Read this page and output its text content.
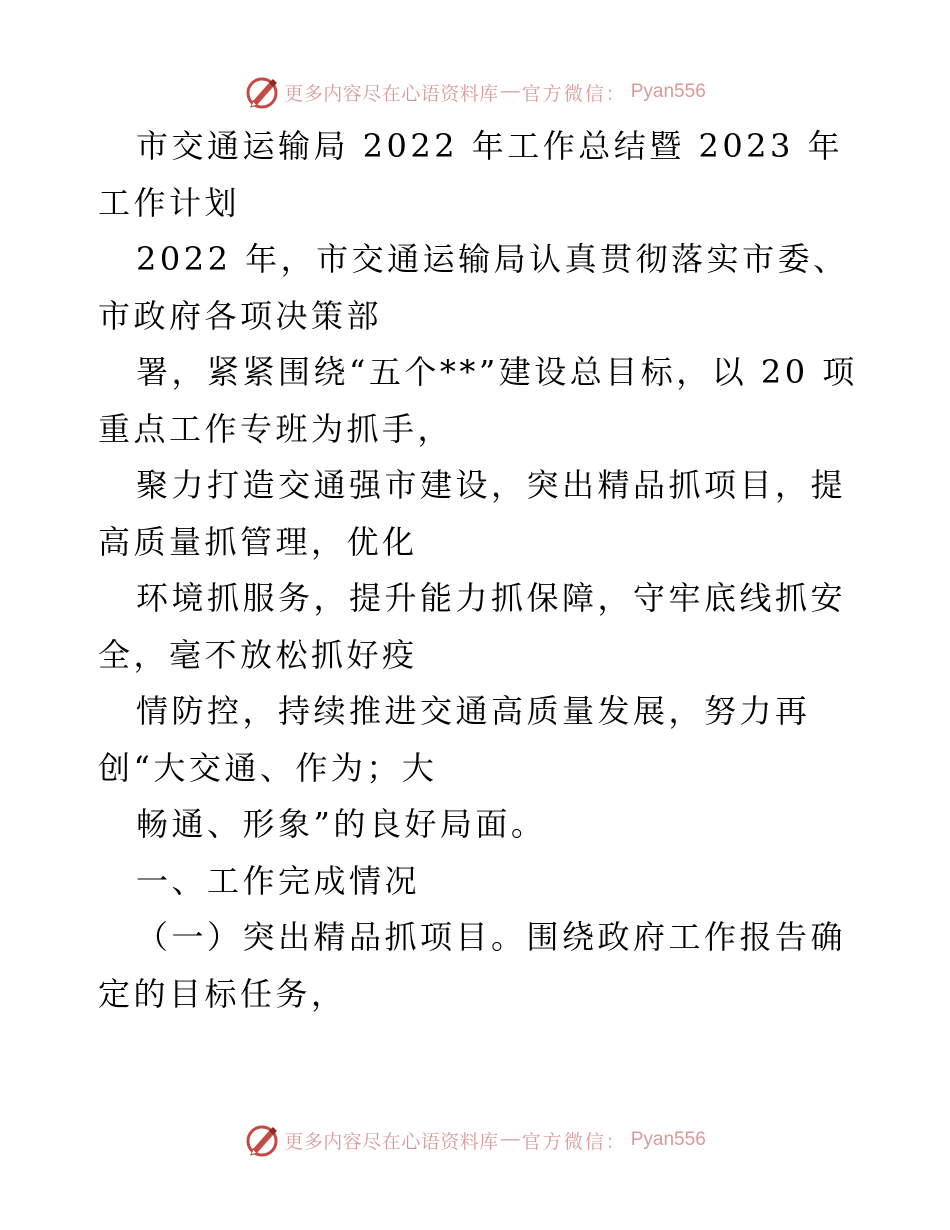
更多内容尽在心语资料库 — 官方微信： Pyan556

市交通运输局 2022 年工作总结暨 2023 年工作计划

2022 年，市交通运输局认真贯彻落实市委、市政府各项决策部

署，紧紧围绕“五个**”建设总目标，以 20 项重点工作专班为抓手，

聚力打造交通强市建设，突出精品抓项目，提高质量抓管理，优化

环境抓服务，提升能力抓保障，守牢底线抓安全，毫不放松抓好疫

情防控，持续推进交通高质量发展，努力再创“大交通、作为；大

畅通、形象”的良好局面。

一、工作完成情况

（一）突出精品抓项目。围绕政府工作报告确定的目标任务，

更多内容尽在心语资料库 — 官方微信： Pyan556
